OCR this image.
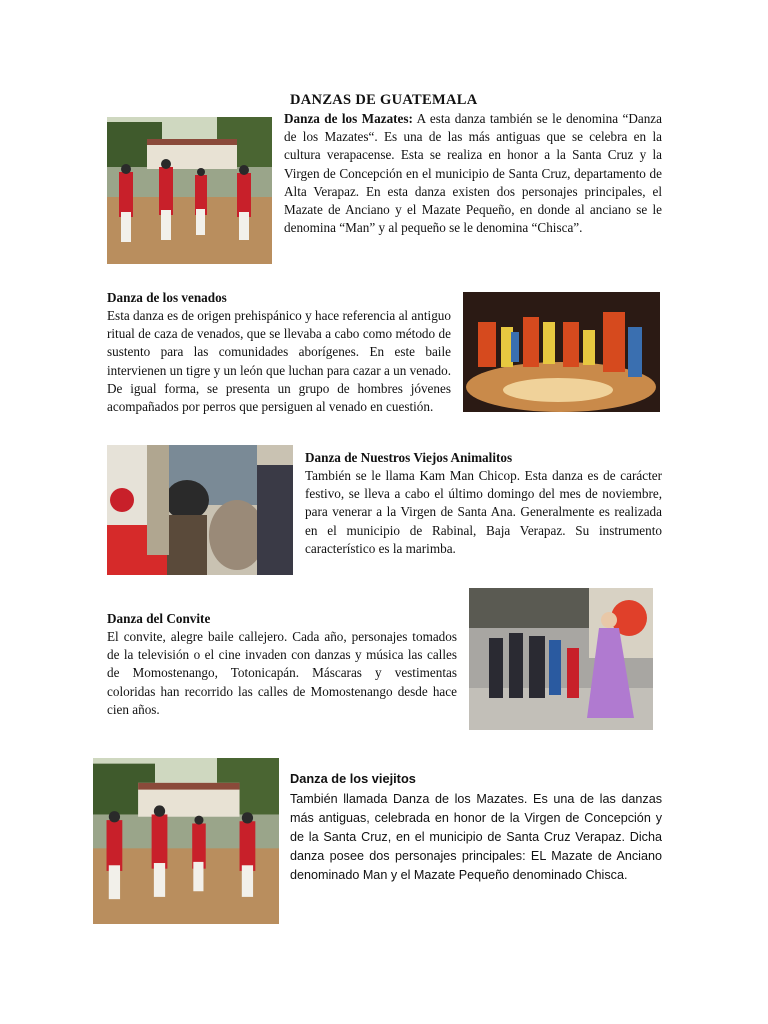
DANZAS DE GUATEMALA
Danza de los Mazates: A esta danza también se le denomina “Danza de los Mazates“. Es una de las más antiguas que se celebra en la cultura verapacense. Esta se realiza en honor a la Santa Cruz y la Virgen de Concepción en el municipio de Santa Cruz, departamento de Alta Verapaz. En esta danza existen dos personajes principales, el Mazate de Anciano y el Mazate Pequeño, en donde al anciano se le denomina “Man” y al pequeño se le denomina “Chisca”.
Danza de los venados
Esta danza es de origen prehispánico y hace referencia al antiguo ritual de caza de venados, que se llevaba a cabo como método de sustento para las comunidades aborígenes. En este baile intervienen un tigre y un león que luchan para cazar a un venado. De igual forma, se presenta un grupo de hombres jóvenes acompañados por perros que persiguen al venado en cuestión.
Danza de Nuestros Viejos Animalitos
También se le llama Kam Man Chicop. Esta danza es de carácter festivo, se lleva a cabo el último domingo del mes de noviembre, para venerar a la Virgen de Santa Ana. Generalmente es realizada en el municipio de Rabinal, Baja Verapaz. Su instrumento característico es la marimba.
Danza del Convite
El convite, alegre baile callejero. Cada año, personajes tomados de la televisión o el cine invaden con danzas y música las calles de Momostenango, Totonicapán. Máscaras y vestimentas coloridas han recorrido las calles de Momostenango desde hace cien años.
Danza de los viejitos
También llamada Danza de los Mazates. Es una de las danzas más antiguas, celebrada en honor de la Virgen de Concepción y de la Santa Cruz, en el municipio de Santa Cruz Verapaz. Dicha danza posee dos personajes principales: EL Mazate de Anciano denominado Man y el Mazate Pequeño denominado Chisca.
